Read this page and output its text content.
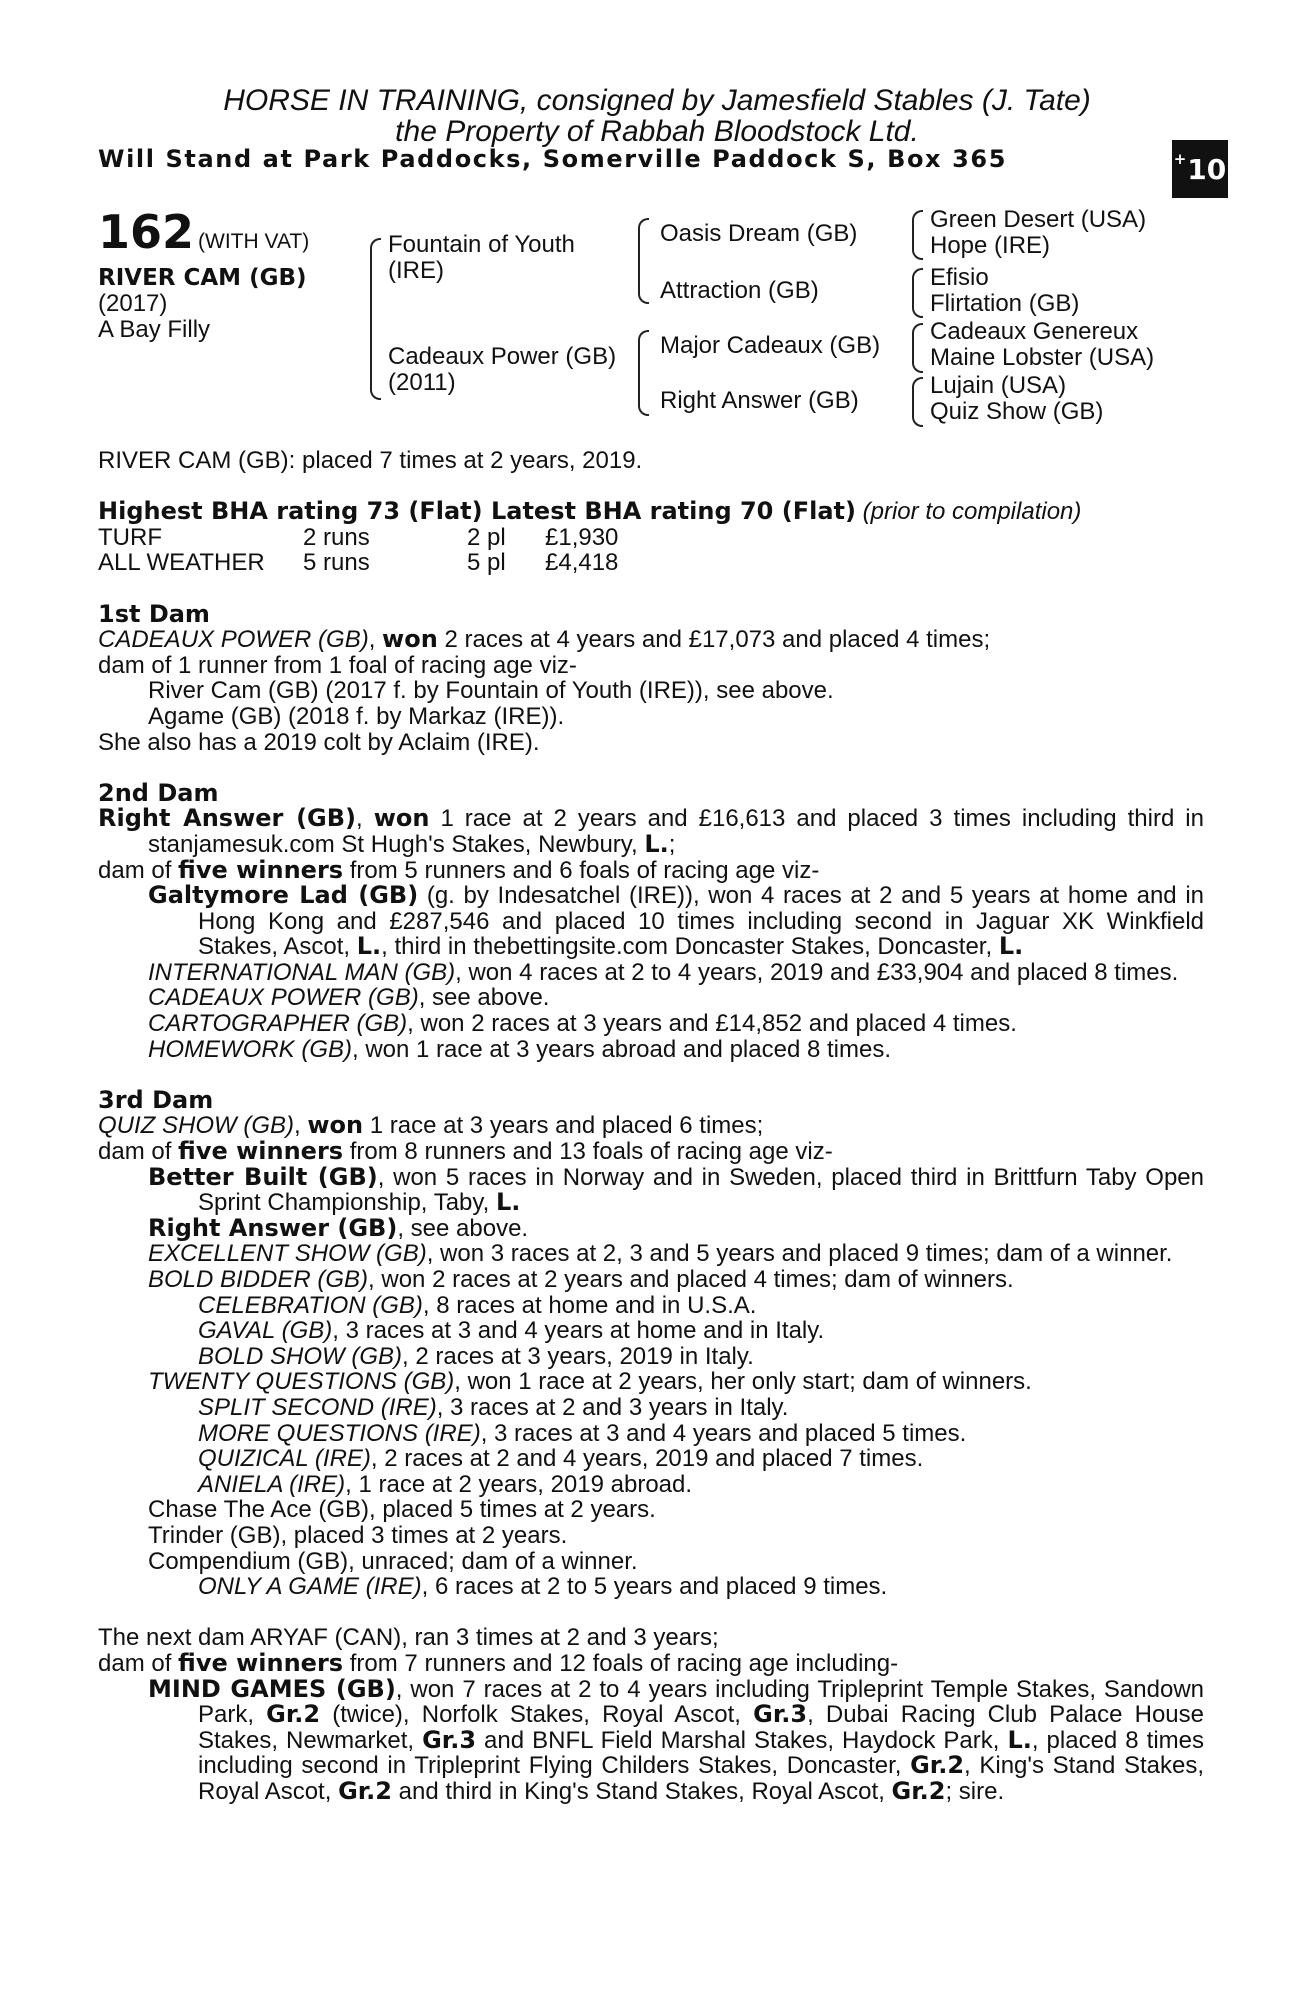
HORSE IN TRAINING, consigned by Jamesfield Stables (J. Tate)
the Property of Rabbah Bloodstock Ltd.
Will Stand at Park Paddocks, Somerville Paddock S, Box 365	+ 10
162 (WITH VAT)
RIVER CAM (GB)
(2017)
A Bay Filly
Fountain of Youth
(IRE)
Cadeaux Power (GB)
(2011)
Oasis Dream (GB)
Attraction (GB)
Major Cadeaux (GB)
Right Answer (GB)
Green Desert (USA)
Hope (IRE)
Efisio
Flirtation (GB)
Cadeaux Genereux
Maine Lobster (USA)
Lujain (USA)
Quiz Show (GB)

RIVER CAM (GB): placed 7 times at 2 years, 2019.

Highest BHA rating 73 (Flat) Latest BHA rating 70 (Flat) (prior to compilation)

TURF	2 runs	2 pl	£1,930
ALL WEATHER	5 runs	5 pl	£4,418

1st Dam

CADEAUX POWER (GB), won 2 races at 4 years and £17,073 and placed 4 times;

dam of 1 runner from 1 foal of racing age viz-

River Cam (GB) (2017 f. by Fountain of Youth (IRE)), see above.

Agame (GB) (2018 f. by Markaz (IRE)).

She also has a 2019 colt by Aclaim (IRE).

2nd Dam

Right Answer (GB), won 1 race at 2 years and £16,613 and placed 3 times including third in stanjamesuk.com St Hugh's Stakes, Newbury, L.;

dam of five winners from 5 runners and 6 foals of racing age viz-

Galtymore Lad (GB) (g. by Indesatchel (IRE)), won 4 races at 2 and 5 years at home and in Hong Kong and £287,546 and placed 10 times including second in Jaguar XK Winkfield Stakes, Ascot, L., third in thebettingsite.com Doncaster Stakes, Doncaster, L.

INTERNATIONAL MAN (GB), won 4 races at 2 to 4 years, 2019 and £33,904 and placed 8 times.

CADEAUX POWER (GB), see above.

CARTOGRAPHER (GB), won 2 races at 3 years and £14,852 and placed 4 times.

HOMEWORK (GB), won 1 race at 3 years abroad and placed 8 times.

3rd Dam

QUIZ SHOW (GB), won 1 race at 3 years and placed 6 times;

dam of five winners from 8 runners and 13 foals of racing age viz-

Better Built (GB), won 5 races in Norway and in Sweden, placed third in Brittfurn Taby Open Sprint Championship, Taby, L.

Right Answer (GB), see above.

EXCELLENT SHOW (GB), won 3 races at 2, 3 and 5 years and placed 9 times; dam of a winner.

BOLD BIDDER (GB), won 2 races at 2 years and placed 4 times; dam of winners.

CELEBRATION (GB), 8 races at home and in U.S.A.

GAVAL (GB), 3 races at 3 and 4 years at home and in Italy.

BOLD SHOW (GB), 2 races at 3 years, 2019 in Italy.

TWENTY QUESTIONS (GB), won 1 race at 2 years, her only start; dam of winners.

SPLIT SECOND (IRE), 3 races at 2 and 3 years in Italy.

MORE QUESTIONS (IRE), 3 races at 3 and 4 years and placed 5 times.

QUIZICAL (IRE), 2 races at 2 and 4 years, 2019 and placed 7 times.

ANIELA (IRE), 1 race at 2 years, 2019 abroad.

Chase The Ace (GB), placed 5 times at 2 years.

Trinder (GB), placed 3 times at 2 years.

Compendium (GB), unraced; dam of a winner.

ONLY A GAME (IRE), 6 races at 2 to 5 years and placed 9 times.

The next dam ARYAF (CAN), ran 3 times at 2 and 3 years;

dam of five winners from 7 runners and 12 foals of racing age including-

MIND GAMES (GB), won 7 races at 2 to 4 years including Tripleprint Temple Stakes, Sandown Park, Gr.2 (twice), Norfolk Stakes, Royal Ascot, Gr.3, Dubai Racing Club Palace House Stakes, Newmarket, Gr.3 and BNFL Field Marshal Stakes, Haydock Park, L., placed 8 times including second in Tripleprint Flying Childers Stakes, Doncaster, Gr.2, King's Stand Stakes, Royal Ascot, Gr.2 and third in King's Stand Stakes, Royal Ascot, Gr.2; sire.
